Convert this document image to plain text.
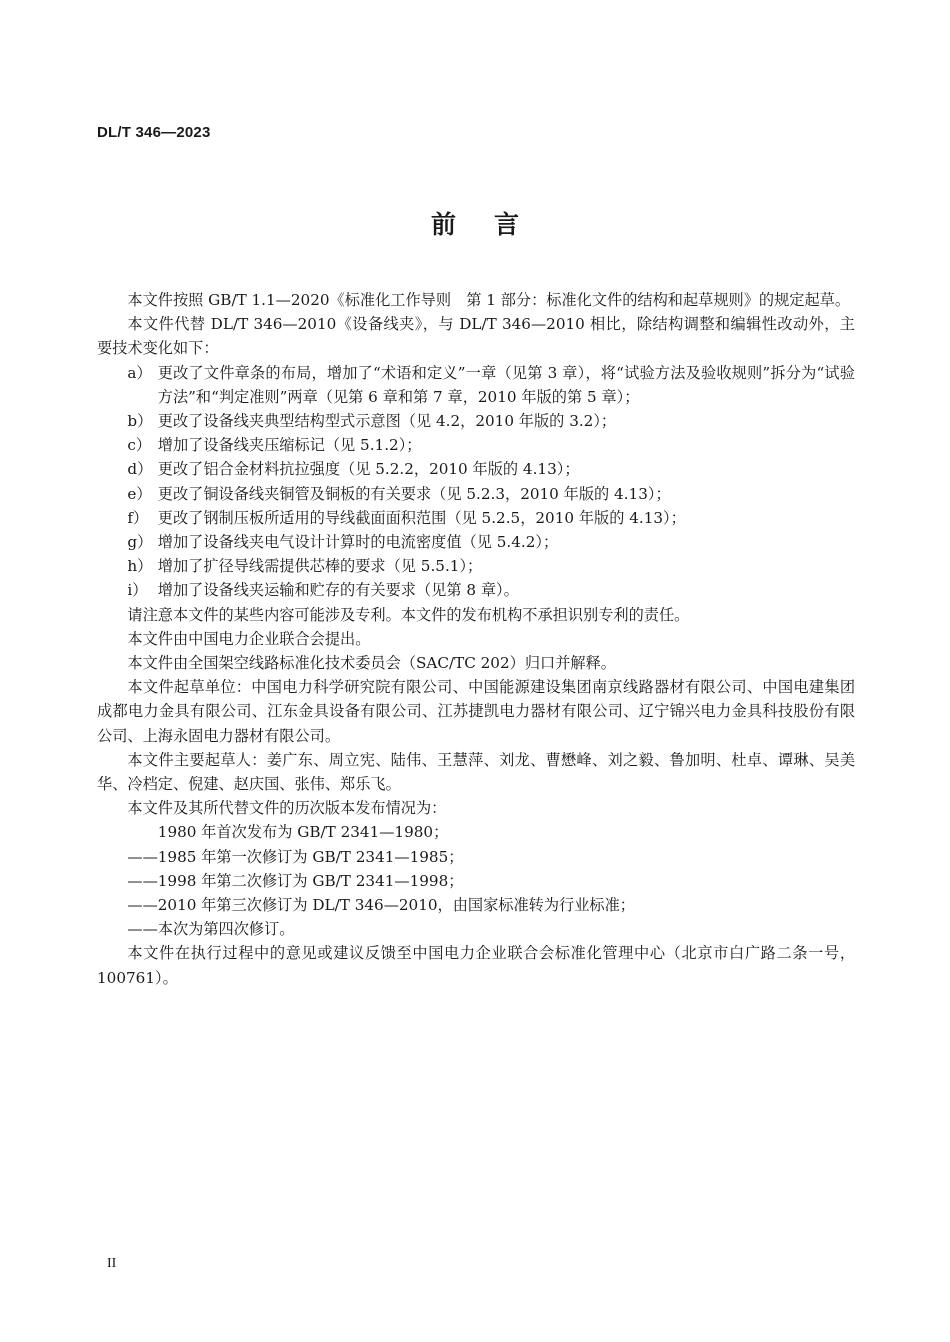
DL/T 346—2023
前言

本文件按照 GB/T 1.1—2020《标准化工作导则　第 1 部分：标准化文件的结构和起草规则》的规定起草。

本文件代替 DL/T 346—2010《设备线夹》，与 DL/T 346—2010 相比，除结构调整和编辑性改动外，主要技术变化如下：

a） 更改了文件章条的布局，增加了“术语和定义”一章（见第 3 章），将“试验方法及验收规则”拆分为“试验方法”和“判定准则”两章（见第 6 章和第 7 章，2010 年版的第 5 章）；
b） 更改了设备线夹典型结构型式示意图（见 4.2，2010 年版的 3.2）；
c） 增加了设备线夹压缩标记（见 5.1.2）；
d） 更改了铝合金材料抗拉强度（见 5.2.2，2010 年版的 4.13）；
e） 更改了铜设备线夹铜管及铜板的有关要求（见 5.2.3，2010 年版的 4.13）；
f） 更改了钢制压板所适用的导线截面面积范围（见 5.2.5，2010 年版的 4.13）；
g） 增加了设备线夹电气设计计算时的电流密度值（见 5.4.2）；
h） 增加了扩径导线需提供芯棒的要求（见 5.5.1）；
i） 增加了设备线夹运输和贮存的有关要求（见第 8 章）。

请注意本文件的某些内容可能涉及专利。本文件的发布机构不承担识别专利的责任。

本文件由中国电力企业联合会提出。

本文件由全国架空线路标准化技术委员会（SAC/TC 202）归口并解释。

本文件起草单位：中国电力科学研究院有限公司、中国能源建设集团南京线路器材有限公司、中国电建集团成都电力金具有限公司、江东金具设备有限公司、江苏捷凯电力器材有限公司、辽宁锦兴电力金具科技股份有限公司、上海永固电力器材有限公司。

本文件主要起草人：姜广东、周立宪、陆伟、王慧萍、刘龙、曹懋峰、刘之毅、鲁加明、杜卓、谭琳、吴美华、冷档定、倪建、赵庆国、张伟、郑乐飞。

本文件及其所代替文件的历次版本发布情况为：

1980 年首次发布为 GB/T 2341—1980；

——1985 年第一次修订为 GB/T 2341—1985；

——1998 年第二次修订为 GB/T 2341—1998；

——2010 年第三次修订为 DL/T 346—2010，由国家标准转为行业标准；

——本次为第四次修订。

本文件在执行过程中的意见或建议反馈至中国电力企业联合会标准化管理中心（北京市白广路二条一号，100761）。

II
